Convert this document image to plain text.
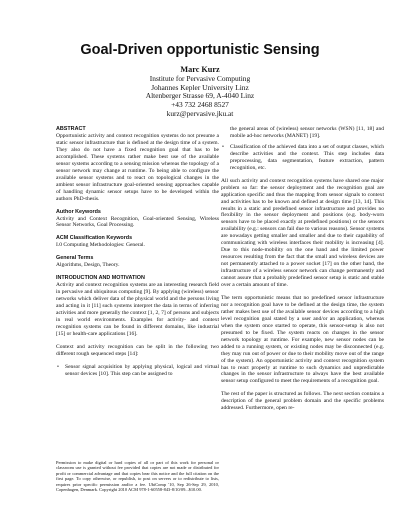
Goal-Driven opportunistic Sensing
Marc Kurz
Institute for Pervasive Computing
Johannes Kepler University Linz
Altenberger Strasse 69, A-4040 Linz
+43 732 2468 8527
kurz@pervasive.jku.at
ABSTRACT

Opportunistic activity and context recognition systems do not presume a static sensor infrastructure that is defined at the design time of a system. They also do not have a fixed recognition goal that has to be accomplished. These systems rather make best use of the available sensor systems according to a sensing mission whereas the topology of a sensor network may change at runtime. To being able to configure the available sensor systems and to react on topological changes in the ambient sensor infrastructure goal-oriented sensing approaches capable of handling dynamic sensor setups have to be developed within the authors PhD-thesis.

Author Keywords

Activity and Context Recognition, Goal-oriented Sensing, Wireless Sensor Networks, Goal Processing.

ACM Classification Keywords

I.0 Computing Methodologies: General.

General Terms

Algorithms, Design, Theory.

INTRODUCTION AND MOTIVATION

Activity and context recognition systems are an interesting research field in pervasive and ubiquitous computing [9]. By applying (wireless) sensor networks which deliver data of the physical world and the persons living and acting in it [11] such systems interpret the data in terms of inferring activities and more generally the context [1, 2, 7] of persons and subjects in real world environments. Examples for activity- and context recognition systems can be found in different domains, like industrial [15] or health-care applications [16].

Context and activity recognition can be split in the following two different rough sequenced steps [14]:

• Sensor signal acquisition by applying physical, logical and virtual sensor devices [10]. This step can be assigned to
Permission to make digital or hard copies of all or part of this work for personal or classroom use is granted without fee provided that copies are not made or distributed for profit or commercial advantage and that copies bear this notice and the full citation on the first page. To copy otherwise, or republish, to post on servers or to redistribute to lists, requires prior specific permission and/or a fee. UbiComp '10, Sep 26-Sep 29, 2010, Copenhagen, Denmark. Copyright 2010 ACM 978-1-60558-843-8/10/09...$10.00.

the general areas of (wireless) sensor networks (WSN) [11, 18] and mobile ad-hoc networks (MANET) [19].

• Classification of the achieved data into a set of output classes, which describe activities and the context. This step includes data preprocessing, data segmentation, feature extraction, pattern recognition, etc.

All such activity and context recognition systems have shared one major problem so far: the sensor deployment and the recognition goal are application specific and thus the mapping from sensor signals to context and activities has to be known and defined at design time [13, 14]. This results in a static and predefined sensor infrastructure and provides no flexibility in the sensor deployment and positions (e.g. body-worn sensors have to be placed exactly at predefined positions) or the sensors availability (e.g.: sensors can fail due to various reasons). Sensor systems are nowadays getting smaller and smaller and due to their capability of communicating with wireless interfaces their mobility is increasing [4]. Due to this node-mobility on the one hand and the limited power resources resulting from the fact that the small and wireless devices are not permanently attached to a power socket [17] on the other hand, the infrastructure of a wireless sensor network can change permanently and cannot assure that a probably predefined sensor setup is static and stable over a certain amount of time.

The term opportunistic means that no predefined sensor infrastructure nor a recognition goal have to be defined at the design time, the system rather makes best use of the available sensor devices according to a high level recognition goal stated by a user and/or an application, whereas when the system once started to operate, this sensor-setup is also not presumed to be fixed. The system reacts on changes in the sensor network topology at runtime. For example, new sensor nodes can be added to a running system, or existing nodes may be disconnected (e.g. they may run out of power or due to their mobility move out of the range of the system). An opportunistic activity and context recognition system has to react properly at runtime to such dynamics and unpredictable changes in the sensor infrastructure to always have the best available sensor setup configured to meet the requirements of a recognition goal.

The rest of the paper is structured as follows. The next section contains a description of the general problem domain and the specific problems addressed. Furthermore, open re-
